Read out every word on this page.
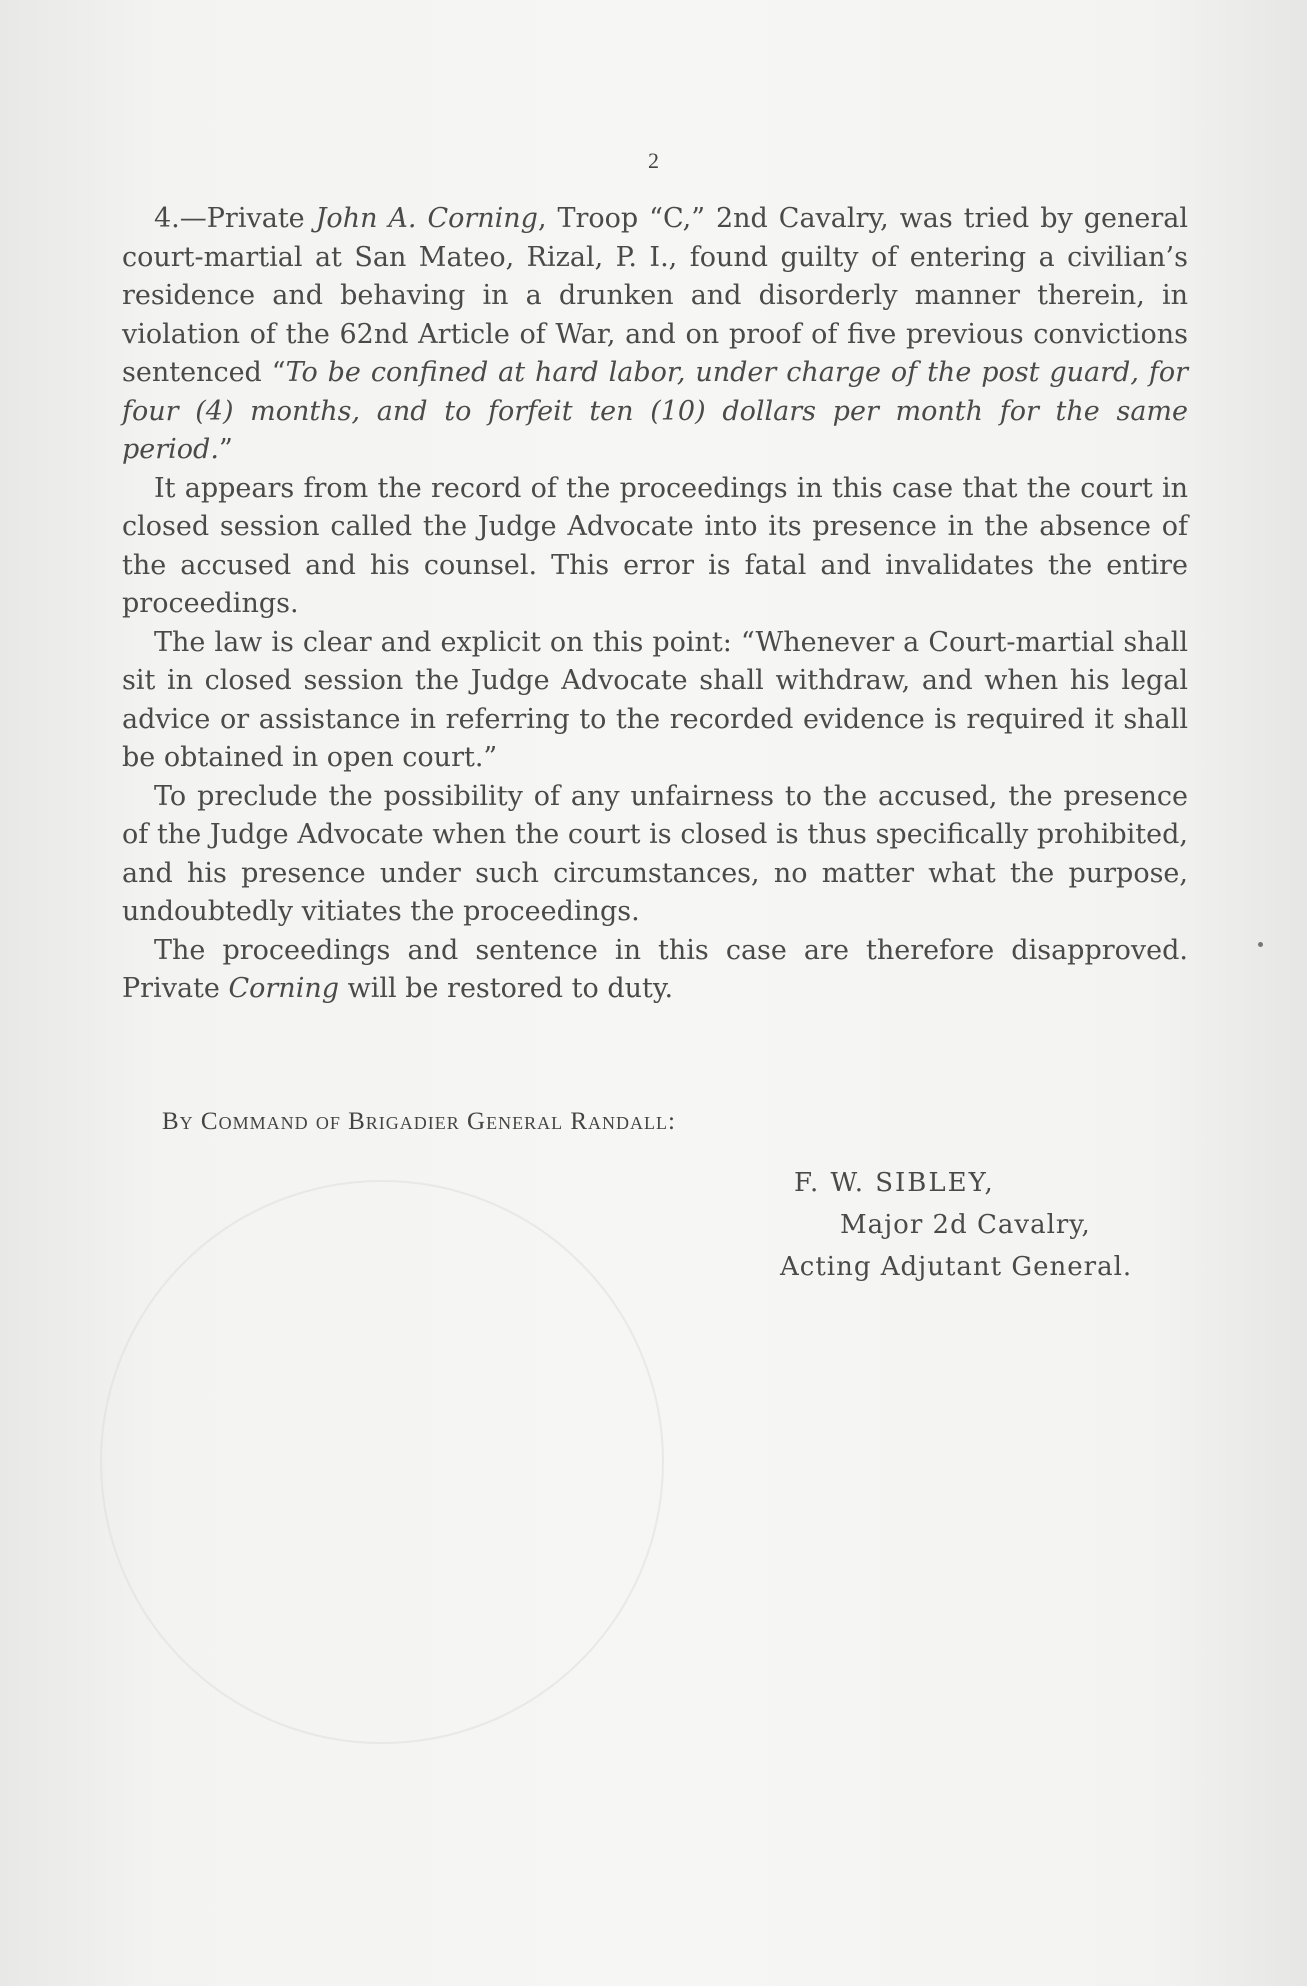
2

4.—Private John A. Corning, Troop “C,” 2nd Cavalry, was tried by general court-martial at San Mateo, Rizal, P. I., found guilty of entering a civilian’s residence and behaving in a drunken and disorderly manner therein, in violation of the 62nd Article of War, and on proof of five previous convictions sentenced “To be confined at hard labor, under charge of the post guard, for four (4) months, and to forfeit ten (10) dollars per month for the same period.”

It appears from the record of the proceedings in this case that the court in closed session called the Judge Advocate into its presence in the absence of the accused and his counsel. This error is fatal and invalidates the entire proceedings.

The law is clear and explicit on this point: “Whenever a Court-martial shall sit in closed session the Judge Advocate shall withdraw, and when his legal advice or assistance in referring to the recorded evidence is required it shall be obtained in open court.”

To preclude the possibility of any unfairness to the accused, the presence of the Judge Advocate when the court is closed is thus specifically prohibited, and his presence under such circumstances, no matter what the purpose, undoubtedly vitiates the proceedings.

The proceedings and sentence in this case are therefore disapproved. Private Corning will be restored to duty.

By Command of Brigadier General Randall:
F. W. SIBLEY,
Major 2d Cavalry,
Acting Adjutant General.
